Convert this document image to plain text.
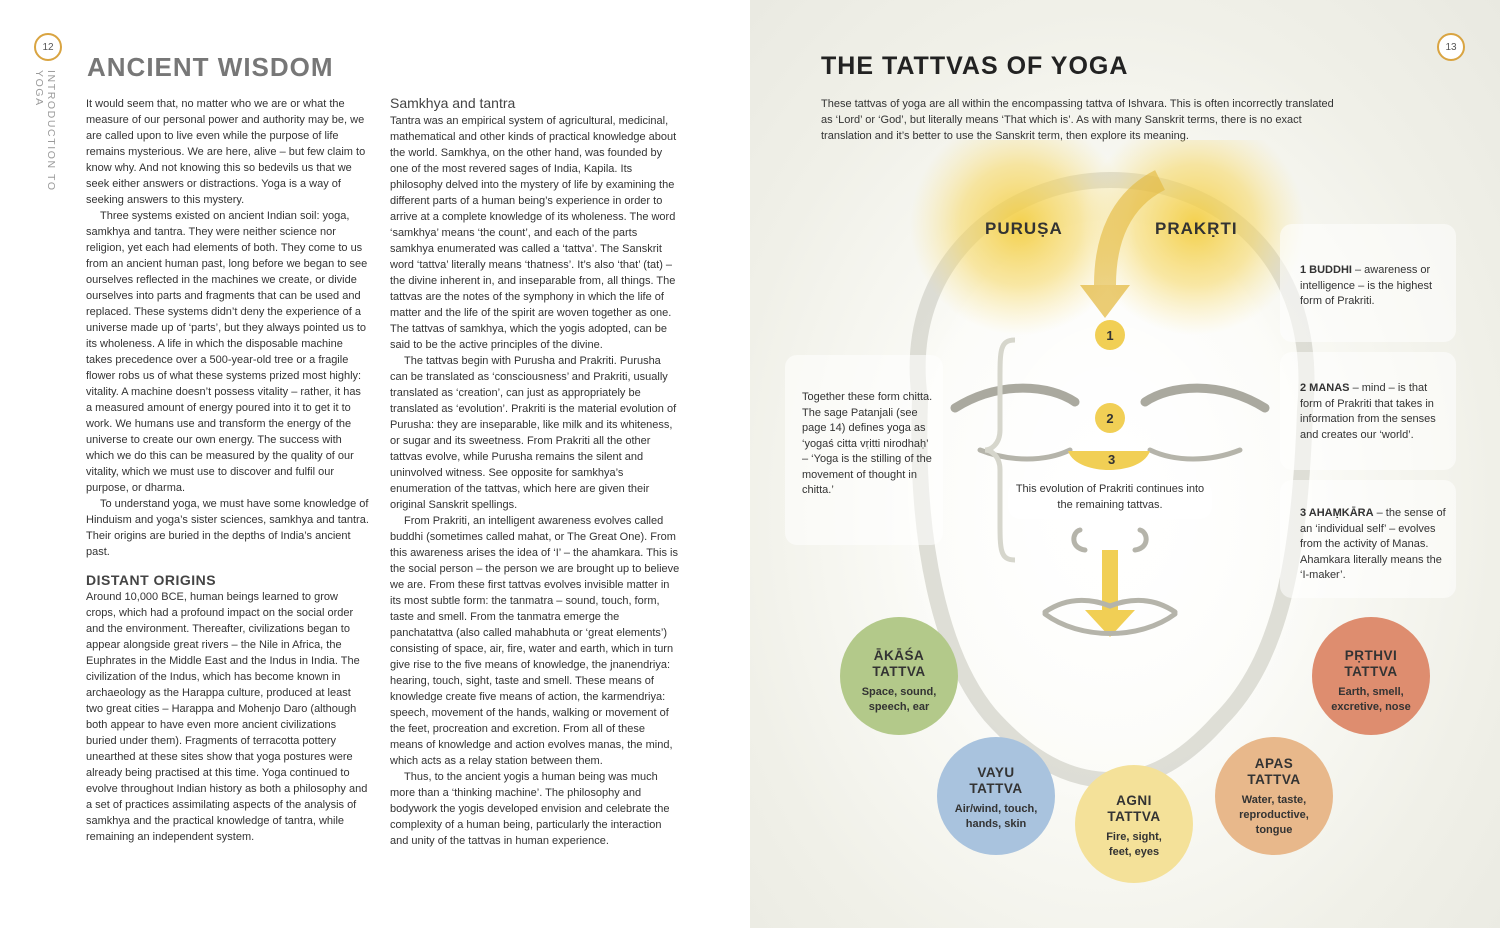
12
INTRODUCTION TO YOGA
ANCIENT WISDOM

It would seem that, no matter who we are or what the measure of our personal power and authority may be, we are called upon to live even while the purpose of life remains mysterious. We are here, alive – but few claim to know why. And not knowing this so bedevils us that we seek either answers or distractions. Yoga is a way of seeking answers to this mystery.

Three systems existed on ancient Indian soil: yoga, samkhya and tantra. They were neither science nor religion, yet each had elements of both. They come to us from an ancient human past, long before we began to see ourselves reflected in the machines we create, or divide ourselves into parts and fragments that can be used and replaced. These systems didn’t deny the experience of a universe made up of ‘parts’, but they always pointed us to its wholeness. A life in which the disposable machine takes precedence over a 500-year-old tree or a fragile flower robs us of what these systems prized most highly: vitality. A machine doesn’t possess vitality – rather, it has a measured amount of energy poured into it to get it to work. We humans use and transform the energy of the universe to create our own energy. The success with which we do this can be measured by the quality of our vitality, which we must use to discover and fulfil our purpose, or dharma.

To understand yoga, we must have some knowledge of Hinduism and yoga’s sister sciences, samkhya and tantra. Their origins are buried in the depths of India’s ancient past.

DISTANT ORIGINS

Around 10,000 BCE, human beings learned to grow crops, which had a profound impact on the social order and the environment. Thereafter, civilizations began to appear alongside great rivers – the Nile in Africa, the Euphrates in the Middle East and the Indus in India. The civilization of the Indus, which has become known in archaeology as the Harappa culture, produced at least two great cities – Harappa and Mohenjo Daro (although both appear to have even more ancient civilizations buried under them). Fragments of terracotta pottery unearthed at these sites show that yoga postures were already being practised at this time. Yoga continued to evolve throughout Indian history as both a philosophy and a set of practices assimilating aspects of the analysis of samkhya and the practical knowledge of tantra, while remaining an independent system.

Samkhya and tantra

Tantra was an empirical system of agricultural, medicinal, mathematical and other kinds of practical knowledge about the world. Samkhya, on the other hand, was founded by one of the most revered sages of India, Kapila. Its philosophy delved into the mystery of life by examining the different parts of a human being’s experience in order to arrive at a complete knowledge of its wholeness. The word ‘samkhya’ means ‘the count’, and each of the parts samkhya enumerated was called a ‘tattva’. The Sanskrit word ‘tattva’ literally means ‘thatness’. It’s also ‘that’ (tat) – the divine inherent in, and inseparable from, all things. The tattvas are the notes of the symphony in which the life of matter and the life of the spirit are woven together as one. The tattvas of samkhya, which the yogis adopted, can be said to be the active principles of the divine.

The tattvas begin with Purusha and Prakriti. Purusha can be translated as ‘consciousness’ and Prakriti, usually translated as ‘creation’, can just as appropriately be translated as ‘evolution’. Prakriti is the material evolution of Purusha: they are inseparable, like milk and its whiteness, or sugar and its sweetness. From Prakriti all the other tattvas evolve, while Purusha remains the silent and uninvolved witness. See opposite for samkhya’s enumeration of the tattvas, which here are given their original Sanskrit spellings.

From Prakriti, an intelligent awareness evolves called buddhi (sometimes called mahat, or The Great One). From this awareness arises the idea of ‘I’ – the ahamkara. This is the social person – the person we are brought up to believe we are. From these first tattvas evolves invisible matter in its most subtle form: the tanmatra – sound, touch, form, taste and smell. From the tanmatra emerge the panchatattva (also called mahabhuta or ‘great elements’) consisting of space, air, fire, water and earth, which in turn give rise to the five means of knowledge, the jnanendriya: hearing, touch, sight, taste and smell. These means of knowledge create five means of action, the karmendriya: speech, movement of the hands, walking or movement of the feet, procreation and excretion. From all of these means of knowledge and action evolves manas, the mind, which acts as a relay station between them.

Thus, to the ancient yogis a human being was much more than a ‘thinking machine’. The philosophy and bodywork the yogis developed envision and celebrate the complexity of a human being, particularly the interaction and unity of the tattvas in human experience.

13
THE TATTVAS OF YOGA
These tattvas of yoga are all within the encompassing tattva of Ishvara. This is often incorrectly translated as ‘Lord’ or ‘God’, but literally means ‘That which is’. As with many Sanskrit terms, there is no exact translation and it’s better to use the Sanskrit term, then explore its meaning.
PURUṢA	PRAKṚTI
1
2
3
1 BUDDHI – awareness or intelligence – is the highest form of Prakriti.
2 MANAS – mind – is that form of Prakriti that takes in information from the senses and creates our ‘world’.
3 AHAṂKĀRA – the sense of an ‘individual self’ – evolves from the activity of Manas. Ahamkara literally means the ‘I-maker’.
Together these form chitta. The sage Patanjali (see page 14) defines yoga as ‘yogaś citta vṛitti nirodhaḥ’ – ‘Yoga is the stilling of the movement of thought in chitta.’	This evolution of Prakriti continues into the remaining tattvas.
ĀKĀŚA
TATTVA
Space, sound,
speech, ear
PṚTHVI
TATTVA
Earth, smell,
excretive, nose
VAYU
TATTVA
Air/wind, touch,
hands, skin
AGNI
TATTVA
Fire, sight,
feet, eyes
APAS
TATTVA
Water, taste,
reproductive,
tongue
